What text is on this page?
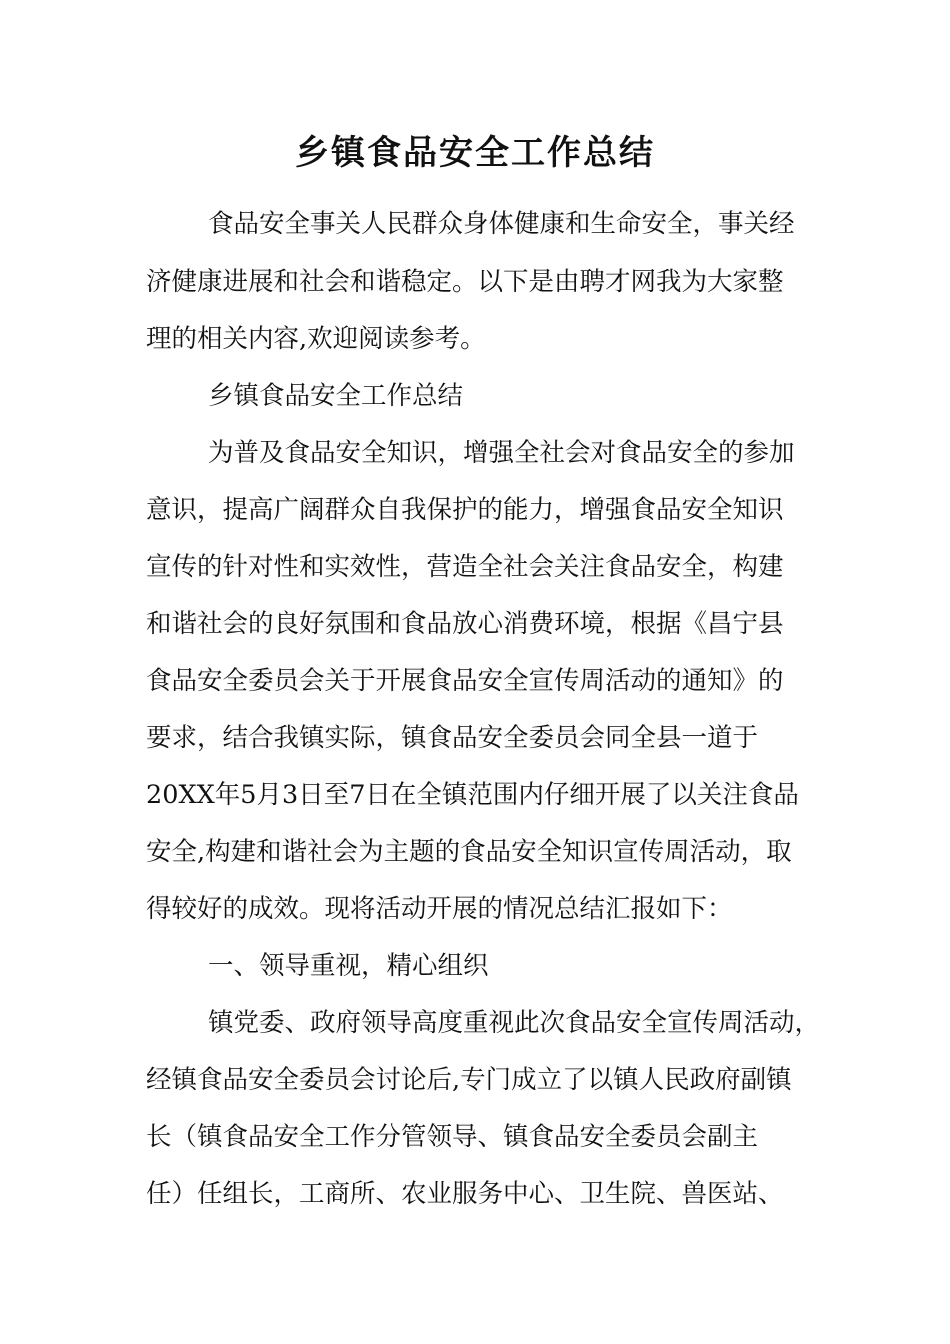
乡镇食品安全工作总结
食品安全事关人民群众身体健康和生命安全，事关经
济健康进展和社会和谐稳定。以下是由聘才网我为大家整
理的相关内容,欢迎阅读参考。
乡镇食品安全工作总结
为普及食品安全知识，增强全社会对食品安全的参加
意识，提高广阔群众自我保护的能力，增强食品安全知识
宣传的针对性和实效性，营造全社会关注食品安全，构建
和谐社会的良好氛围和食品放心消费环境，根据《昌宁县
食品安全委员会关于开展食品安全宣传周活动的通知》的
要求，结合我镇实际，镇食品安全委员会同全县一道于
20XX年5月3日至7日在全镇范围内仔细开展了以关注食品
安全,构建和谐社会为主题的食品安全知识宣传周活动，取
得较好的成效。现将活动开展的情况总结汇报如下：
一、领导重视，精心组织
镇党委、政府领导高度重视此次食品安全宣传周活动，
经镇食品安全委员会讨论后,专门成立了以镇人民政府副镇
长（镇食品安全工作分管领导、镇食品安全委员会副主
任）任组长，工商所、农业服务中心、卫生院、兽医站、
